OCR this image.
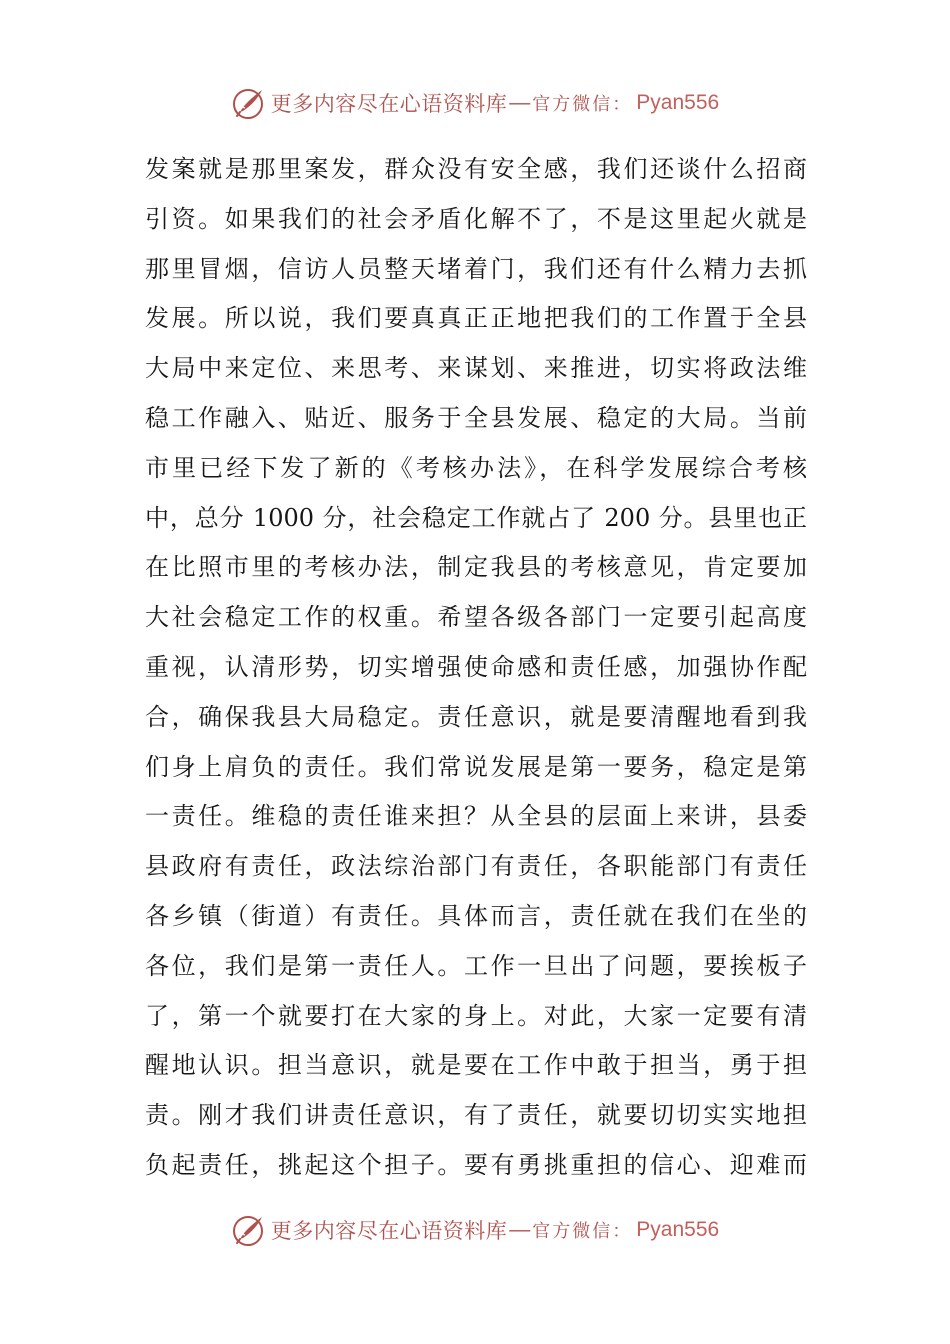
更多内容尽在心语资料库 — 官方微信： Pyan556
发案就是那里案发，群众没有安全感，我们还谈什么招商
引资。如果我们的社会矛盾化解不了，不是这里起火就是
那里冒烟，信访人员整天堵着门，我们还有什么精力去抓
发展。所以说，我们要真真正正地把我们的工作置于全县
大局中来定位、来思考、来谋划、来推进，切实将政法维
稳工作融入、贴近、服务于全县发展、稳定的大局。当前
市里已经下发了新的《考核办法》，在科学发展综合考核
中，总分 1000 分，社会稳定工作就占了 200 分。县里也正
在比照市里的考核办法，制定我县的考核意见，肯定要加
大社会稳定工作的权重。希望各级各部门一定要引起高度
重视，认清形势，切实增强使命感和责任感，加强协作配
合，确保我县大局稳定。责任意识，就是要清醒地看到我
们身上肩负的责任。我们常说发展是第一要务，稳定是第
一责任。维稳的责任谁来担？从全县的层面上来讲，县委
县政府有责任，政法综治部门有责任，各职能部门有责任
各乡镇（街道）有责任。具体而言，责任就在我们在坐的
各位，我们是第一责任人。工作一旦出了问题，要挨板子
了，第一个就要打在大家的身上。对此，大家一定要有清
醒地认识。担当意识，就是要在工作中敢于担当，勇于担
责。刚才我们讲责任意识，有了责任，就要切切实实地担
负起责任，挑起这个担子。要有勇挑重担的信心、迎难而
更多内容尽在心语资料库 — 官方微信： Pyan556
